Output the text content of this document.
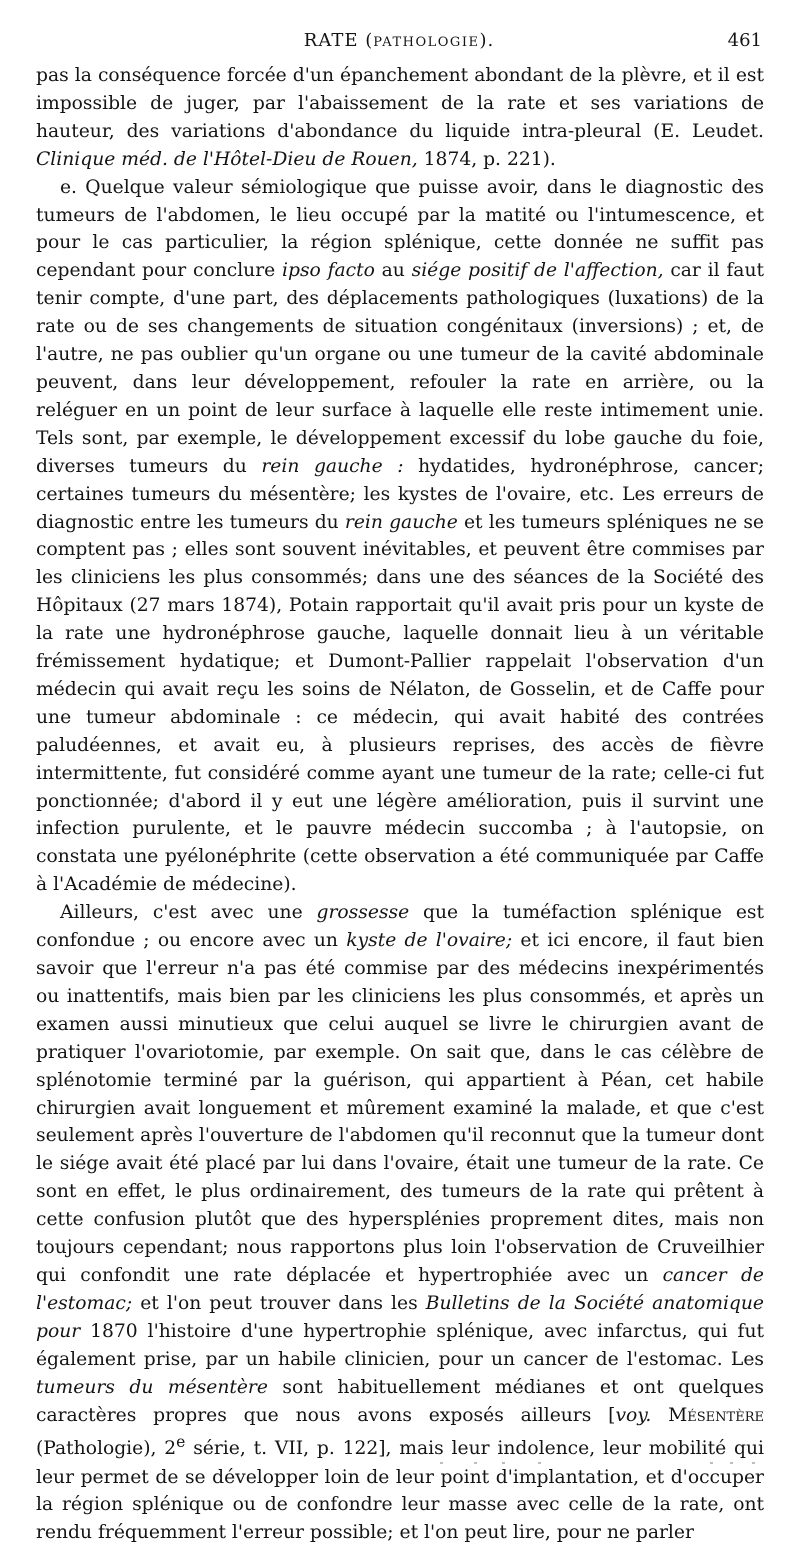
RATE (PATHOLOGIE).	461

pas la conséquence forcée d'un épanchement abondant de la plèvre, et il est impossible de juger, par l'abaissement de la rate et ses variations de hauteur, des variations d'abondance du liquide intra-pleural (E. Leudet. Clinique méd. de l'Hôtel-Dieu de Rouen, 1874, p. 221).

e. Quelque valeur sémiologique que puisse avoir, dans le diagnostic des tumeurs de l'abdomen, le lieu occupé par la matité ou l'intumescence, et pour le cas particulier, la région splénique, cette donnée ne suffit pas cependant pour conclure ipso facto au siége positif de l'affection, car il faut tenir compte, d'une part, des déplacements pathologiques (luxations) de la rate ou de ses changements de situation congénitaux (inversions) ; et, de l'autre, ne pas oublier qu'un organe ou une tumeur de la cavité abdominale peuvent, dans leur développement, refouler la rate en arrière, ou la reléguer en un point de leur surface à laquelle elle reste intimement unie. Tels sont, par exemple, le développement excessif du lobe gauche du foie, diverses tumeurs du rein gauche : hydatides, hydronéphrose, cancer; certaines tumeurs du mésentère; les kystes de l'ovaire, etc. Les erreurs de diagnostic entre les tumeurs du rein gauche et les tumeurs spléniques ne se comptent pas ; elles sont souvent inévitables, et peuvent être commises par les cliniciens les plus consommés; dans une des séances de la Société des Hôpitaux (27 mars 1874), Potain rapportait qu'il avait pris pour un kyste de la rate une hydronéphrose gauche, laquelle donnait lieu à un véritable frémissement hydatique; et Dumont-Pallier rappelait l'observation d'un médecin qui avait reçu les soins de Nélaton, de Gosselin, et de Caffe pour une tumeur abdominale : ce médecin, qui avait habité des contrées paludéennes, et avait eu, à plusieurs reprises, des accès de fièvre intermittente, fut considéré comme ayant une tumeur de la rate; celle-ci fut ponctionnée; d'abord il y eut une légère amélioration, puis il survint une infection purulente, et le pauvre médecin succomba ; à l'autopsie, on constata une pyélonéphrite (cette observation a été communiquée par Caffe à l'Académie de médecine).

Ailleurs, c'est avec une grossesse que la tuméfaction splénique est confondue ; ou encore avec un kyste de l'ovaire; et ici encore, il faut bien savoir que l'erreur n'a pas été commise par des médecins inexpérimentés ou inattentifs, mais bien par les cliniciens les plus consommés, et après un examen aussi minutieux que celui auquel se livre le chirurgien avant de pratiquer l'ovariotomie, par exemple. On sait que, dans le cas célèbre de splénotomie terminé par la guérison, qui appartient à Péan, cet habile chirurgien avait longuement et mûrement examiné la malade, et que c'est seulement après l'ouverture de l'abdomen qu'il reconnut que la tumeur dont le siége avait été placé par lui dans l'ovaire, était une tumeur de la rate. Ce sont en effet, le plus ordinairement, des tumeurs de la rate qui prêtent à cette confusion plutôt que des hypersplénies proprement dites, mais non toujours cependant; nous rapportons plus loin l'observation de Cruveilhier qui confondit une rate déplacée et hypertrophiée avec un cancer de l'estomac; et l'on peut trouver dans les Bulletins de la Société anatomique pour 1870 l'histoire d'une hypertrophie splénique, avec infarctus, qui fut également prise, par un habile clinicien, pour un cancer de l'estomac. Les tumeurs du mésentère sont habituellement médianes et ont quelques caractères propres que nous avons exposés ailleurs [voy. Mésentère (Pathologie), 2e série, t. VII, p. 122], mais leur indolence, leur mobilité qui leur permet de se développer loin de leur point d'implantation, et d'occuper la région splénique ou de confondre leur masse avec celle de la rate, ont rendu fréquemment l'erreur possible; et l'on peut lire, pour ne parler
